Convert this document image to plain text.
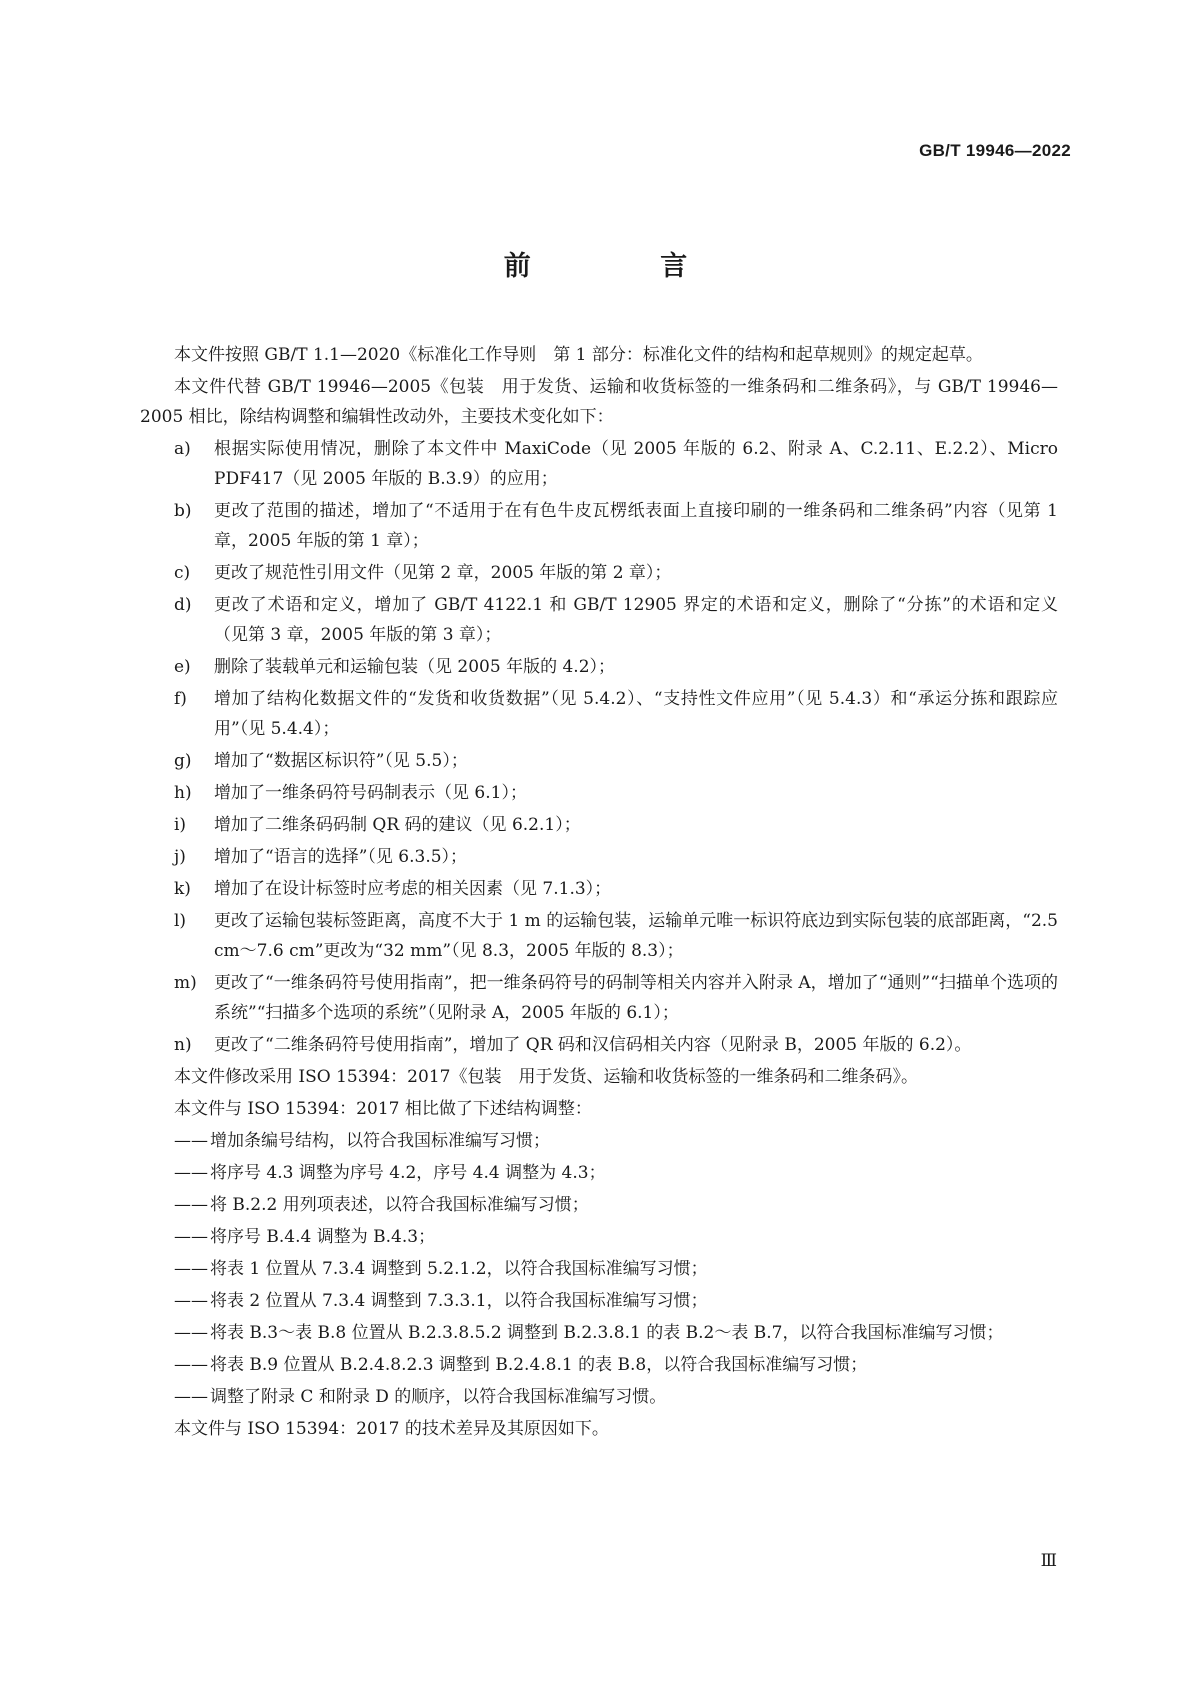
GB/T 19946—2022
前 言

本文件按照 GB/T 1.1—2020《标准化工作导则　第 1 部分：标准化文件的结构和起草规则》的规定起草。

本文件代替 GB/T 19946—2005《包装　用于发货、运输和收货标签的一维条码和二维条码》，与 GB/T 19946—2005 相比，除结构调整和编辑性改动外，主要技术变化如下：

a)	根据实际使用情况，删除了本文件中 MaxiCode（见 2005 年版的 6.2、附录 A、C.2.11、E.2.2）、Micro PDF417（见 2005 年版的 B.3.9）的应用；
b)	更改了范围的描述，增加了“不适用于在有色牛皮瓦楞纸表面上直接印刷的一维条码和二维条码”内容（见第 1 章，2005 年版的第 1 章）；
c)	更改了规范性引用文件（见第 2 章，2005 年版的第 2 章）；
d)	更改了术语和定义，增加了 GB/T 4122.1 和 GB/T 12905 界定的术语和定义，删除了“分拣”的术语和定义（见第 3 章，2005 年版的第 3 章）；
e)	删除了装载单元和运输包装（见 2005 年版的 4.2）；
f)	增加了结构化数据文件的“发货和收货数据”（见 5.4.2）、“支持性文件应用”（见 5.4.3）和“承运分拣和跟踪应用”（见 5.4.4）；
g)	增加了“数据区标识符”（见 5.5）；
h)	增加了一维条码符号码制表示（见 6.1）；
i)	增加了二维条码码制 QR 码的建议（见 6.2.1）；
j)	增加了“语言的选择”（见 6.3.5）；
k)	增加了在设计标签时应考虑的相关因素（见 7.1.3）；
l)	更改了运输包装标签距离，高度不大于 1 m 的运输包装，运输单元唯一标识符底边到实际包装的底部距离，“2.5 cm～7.6 cm”更改为“32 mm”（见 8.3，2005 年版的 8.3）；
m)	更改了“一维条码符号使用指南”，把一维条码符号的码制等相关内容并入附录 A，增加了“通则”“扫描单个选项的系统”“扫描多个选项的系统”（见附录 A，2005 年版的 6.1）；
n)	更改了“二维条码符号使用指南”，增加了 QR 码和汉信码相关内容（见附录 B，2005 年版的 6.2）。

本文件修改采用 ISO 15394：2017《包装　用于发货、运输和收货标签的一维条码和二维条码》。

本文件与 ISO 15394：2017 相比做了下述结构调整：

—— 增加条编号结构，以符合我国标准编写习惯；
—— 将序号 4.3 调整为序号 4.2，序号 4.4 调整为 4.3；
—— 将 B.2.2 用列项表述，以符合我国标准编写习惯；
—— 将序号 B.4.4 调整为 B.4.3；
—— 将表 1 位置从 7.3.4 调整到 5.2.1.2，以符合我国标准编写习惯；
—— 将表 2 位置从 7.3.4 调整到 7.3.3.1，以符合我国标准编写习惯；
—— 将表 B.3～表 B.8 位置从 B.2.3.8.5.2 调整到 B.2.3.8.1 的表 B.2～表 B.7，以符合我国标准编写习惯；
—— 将表 B.9 位置从 B.2.4.8.2.3 调整到 B.2.4.8.1 的表 B.8，以符合我国标准编写习惯；
—— 调整了附录 C 和附录 D 的顺序，以符合我国标准编写习惯。

本文件与 ISO 15394：2017 的技术差异及其原因如下。

Ⅲ
